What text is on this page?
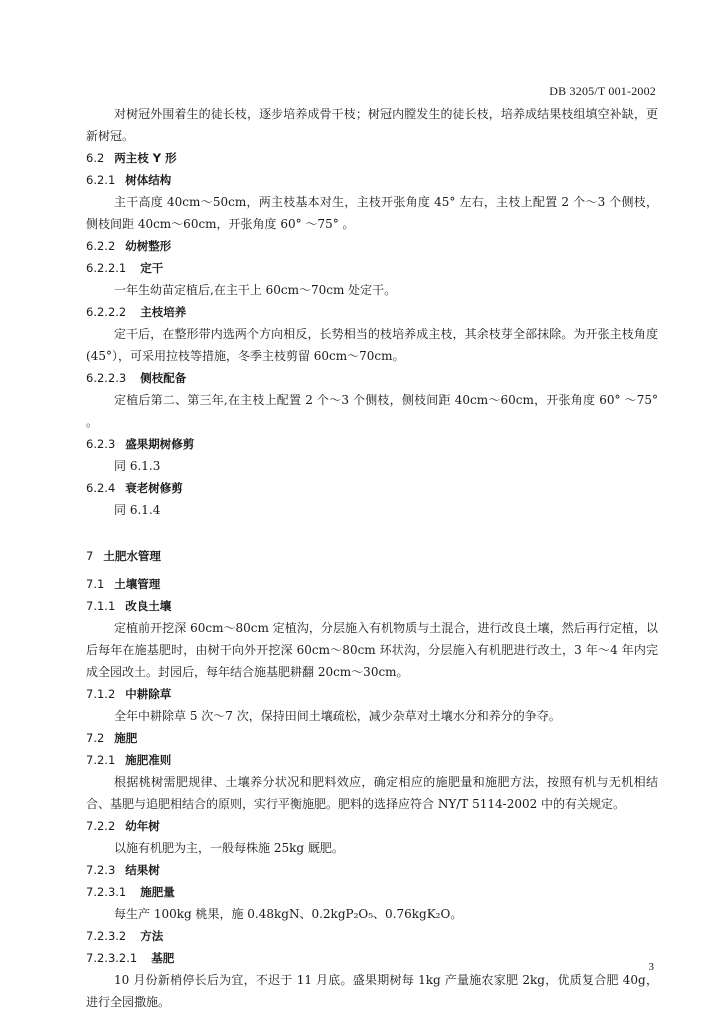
DB 3205/T 001-2002

对树冠外围着生的徒长枝，逐步培养成骨干枝；树冠内膛发生的徒长枝，培养成结果枝组填空补缺，更新树冠。

6.2 两主枝 Y 形
6.2.1 树体结构

主干高度 40cm～50cm，两主枝基本对生，主枝开张角度 45° 左右，主枝上配置 2 个～3 个侧枝，侧枝间距 40cm～60cm，开张角度 60° ～75° 。

6.2.2 幼树整形
6.2.2.1 定干

一年生幼苗定植后,在主干上 60cm～70cm 处定干。

6.2.2.2 主枝培养

定干后，在整形带内选两个方向相反，长势相当的枝培养成主枝，其余枝芽全部抹除。为开张主枝角度(45°），可采用拉枝等措施，冬季主枝剪留 60cm～70cm。

6.2.2.3 侧枝配备

定植后第二、第三年,在主枝上配置 2 个～3 个侧枝，侧枝间距 40cm～60cm，开张角度 60° ～75° 。

6.2.3 盛果期树修剪

同 6.1.3

6.2.4 衰老树修剪

同 6.1.4

7 土肥水管理
7.1 土壤管理
7.1.1 改良土壤

定植前开挖深 60cm～80cm 定植沟，分层施入有机物质与土混合，进行改良土壤，然后再行定植，以后每年在施基肥时，由树干向外开挖深 60cm～80cm 环状沟，分层施入有机肥进行改土，3 年～4 年内完成全园改土。封园后，每年结合施基肥耕翻 20cm～30cm。

7.1.2 中耕除草

全年中耕除草 5 次～7 次，保持田间土壤疏松，减少杂草对土壤水分和养分的争夺。

7.2 施肥
7.2.1 施肥准则

根据桃树需肥规律、土壤养分状况和肥料效应，确定相应的施肥量和施肥方法，按照有机与无机相结合、基肥与追肥相结合的原则，实行平衡施肥。肥料的选择应符合 NY/T 5114-2002 中的有关规定。

7.2.2 幼年树

以施有机肥为主，一般每株施 25kg 厩肥。

7.2.3 结果树
7.2.3.1 施肥量

每生产 100kg 桃果，施 0.48kgN、0.2kgP₂O₅、0.76kgK₂O。

7.2.3.2 方法
7.2.3.2.1 基肥

10 月份新梢停长后为宜，不迟于 11 月底。盛果期树每 1kg 产量施农家肥 2kg，优质复合肥 40g，进行全园撒施。

3
